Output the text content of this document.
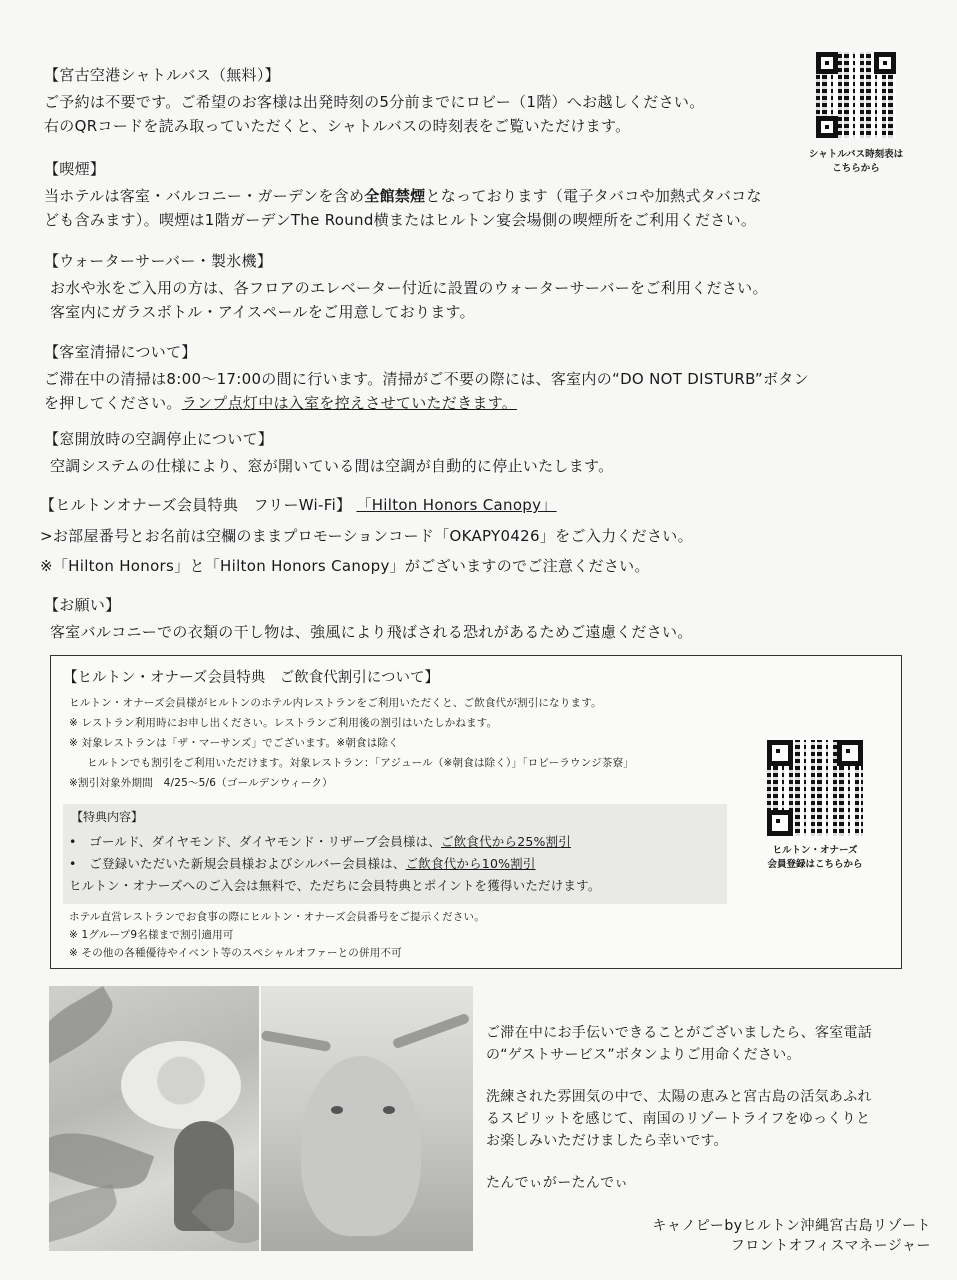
【宮古空港シャトルバス（無料）】

ご予約は不要です。ご希望のお客様は出発時刻の5分前までにロビー（1階）へお越しください。

右のQRコードを読み取っていただくと、シャトルバスの時刻表をご覧いただけます。

シャトルバス時刻表は
こちらから
【喫煙】

当ホテルは客室・バルコニー・ガーデンを含め全館禁煙となっております（電子タバコや加熱式タバコな

ども含みます）。喫煙は1階ガーデンThe Round横またはヒルトン宴会場側の喫煙所をご利用ください。

【ウォーターサーバー・製氷機】

お水や氷をご入用の方は、各フロアのエレベーター付近に設置のウォーターサーバーをご利用ください。

客室内にガラスボトル・アイスペールをご用意しております。

【客室清掃について】

ご滞在中の清掃は8:00〜17:00の間に行います。清掃がご不要の際には、客室内の“DO NOT DISTURB”ボタン

を押してください。ランプ点灯中は入室を控えさせていただきます。

【窓開放時の空調停止について】

空調システムの仕様により、窓が開いている間は空調が自動的に停止いたします。

【ヒルトンオナーズ会員特典　フリーWi-Fi】 「Hilton Honors Canopy」

>お部屋番号とお名前は空欄のままプロモーションコード「OKAPY0426」をご入力ください。

※「Hilton Honors」と「Hilton Honors Canopy」がございますのでご注意ください。

【お願い】

客室バルコニーでの衣類の干し物は、強風により飛ばされる恐れがあるためご遠慮ください。

【ヒルトン・オナーズ会員特典　ご飲食代割引について】
ヒルトン・オナーズ会員様がヒルトンのホテル内レストランをご利用いただくと、ご飲食代が割引になります。
※ レストラン利用時にお申し出ください。レストランご利用後の割引はいたしかねます。
※ 対象レストランは「ザ・マーサンズ」でございます。※朝食は除く
ヒルトンでも割引をご利用いただけます。対象レストラン：「アジュール（※朝食は除く）」「ロビーラウンジ茶寮」
※割引対象外期間　4/25〜5/6（ゴールデンウィーク）
【特典内容】
•　ゴールド、ダイヤモンド、ダイヤモンド・リザーブ会員様は、ご飲食代から25%割引
•　ご登録いただいた新規会員様およびシルバー会員様は、ご飲食代から10%割引
ヒルトン・オナーズへのご入会は無料で、ただちに会員特典とポイントを獲得いただけます。
ホテル直営レストランでお食事の際にヒルトン・オナーズ会員番号をご提示ください。
※ 1グループ9名様まで割引適用可
※ その他の各種優待やイベント等のスペシャルオファーとの併用不可
ヒルトン・オナーズ
会員登録はこちらから
ご滞在中にお手伝いできることがございましたら、客室電話
の“ゲストサービス”ボタンよりご用命ください。
洗練された雰囲気の中で、太陽の恵みと宮古島の活気あふれ
るスピリットを感じて、南国のリゾートライフをゆっくりと
お楽しみいただけましたら幸いです。
たんでぃがーたんでぃ
キャノピーbyヒルトン沖縄宮古島リゾート
フロントオフィスマネージャー
